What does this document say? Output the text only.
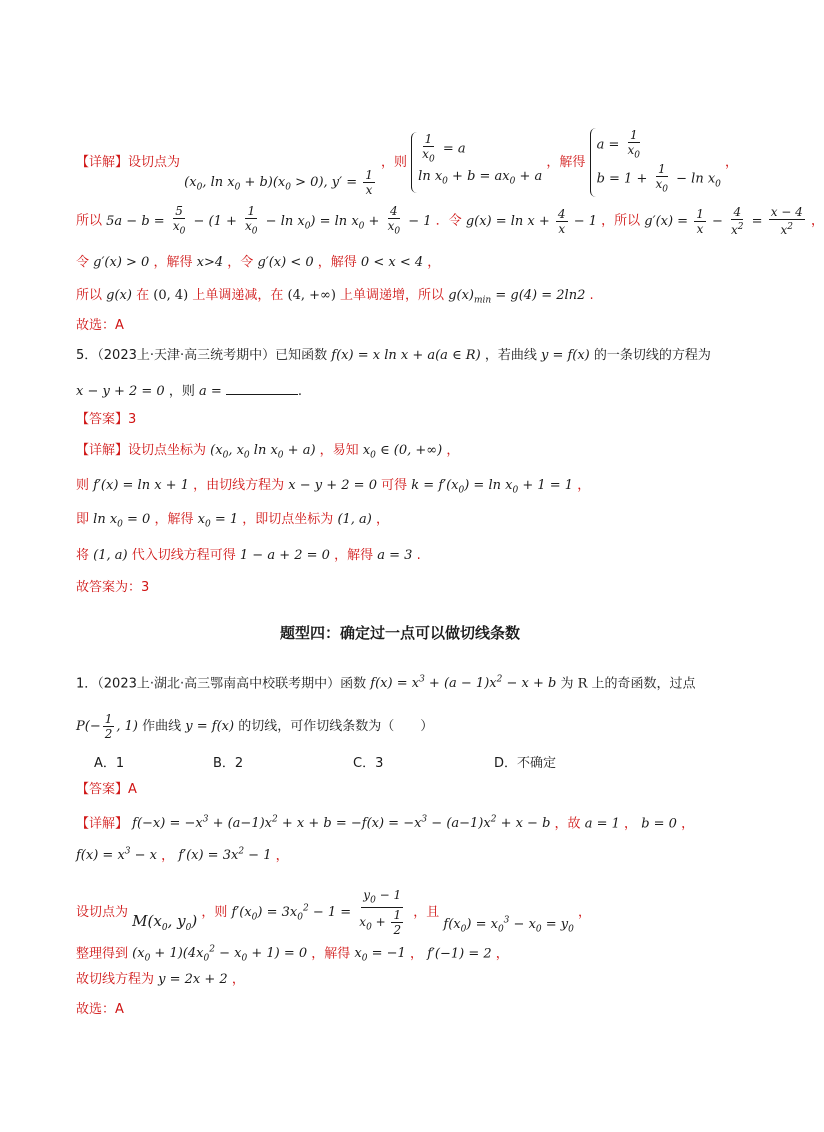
【详解】设切点为 ($x_0$, $\ln x_0 + b)(x_0 > 0)$, $y' = \frac{1}{x}$
，则 $\frac{1}{x_0} = a$
$\ln x_0 + b = ax_0 + a$
，解得
$a = \frac{1}{x_0}$
$b = 1 + \frac{1}{x_0} - \ln x_0$
，
所以 $5a - b = \frac{5}{x_0} - (1 + \frac{1}{x_0} - \ln x_0) = \ln x_0 + \frac{4}{x_0} - 1$ ．令 $g(x) = \ln x + \frac{4}{x} - 1$ ，所以 $g'(x) = \frac{1}{x} - \frac{4}{x^2} = \frac{x - 4}{x^2}$ ，
令 g′(x) > 0 ，解得 x>4 ，令 g′(x) < 0 ，解得 0 < x < 4 ，
所以 g(x) 在 (0, 4) 上单调递减，在 (4, +∞) 上单调递增，所以 $g(x)_{min} = g(4) = 2\ln 2$ .
故选：A
5．（2023上·天津·高三统考期中）已知函数 f(x) = x ln x + a(a ∈ R) ，若曲线 y = f(x) 的一条切线的方程为
x − y + 2 = 0 ，则 a =	.
【答案】3
【详解】设切点坐标为 ($x_0$, $x_0$ $\ln x_0 + a$) ，易知 $x_0$ ∈ (0, +∞) ，
则 f′(x) = ln x + 1 ，由切线方程为 x − y + 2 = 0 可得 $k = f'(x_0) = \ln x_0 + 1 = 1$ ，
即 $\ln x_0 = 0$ ，解得 $x_0 = 1$ ，即切点坐标为 (1, a) ，
将 (1, a) 代入切线方程可得 1 − a + 2 = 0 ，解得 a = 3 .
故答案为：3
题型四：确定过一点可以做切线条数
1．（2023上·湖北·高三鄂南高中校联考期中）函数 $f(x) = x^3 + (a - 1)x^2 - x + b$ 为 R 上的奇函数，过点
$P(- \frac{1}{2}$ , 1) 作曲线 y = f(x) 的切线，可作切线条数为（　　）
A．1	B．2	C．3	D．不确定
【答案】A
【详解】 $f(-x) = -x^3 + (a-1)x^2 + x + b = -f(x) = -x^3 - (a-1)x^2 + x - b$ ，故 a = 1 ， b = 0 ，
$f(x) = x^3 - x$ ， $f'(x) = 3x^2 - 1$ ，
设切点为 $M(x_0$, $y_0$) ，则 $f'(x_0) = 3x_0^2 - 1 = \frac{y_0 - 1}{x_0 + \frac{1}{2}}$ ，且 $f(x_0) = x_0^3 - x_0 = y_0$ ，
整理得到 $(x_0 + 1)(4x_0^2 - x_0 + 1) = 0$ ，解得 $x_0 = -1$ ， f′(−1) = 2 ，
故切线方程为 y = 2x + 2 ，
故选：A
